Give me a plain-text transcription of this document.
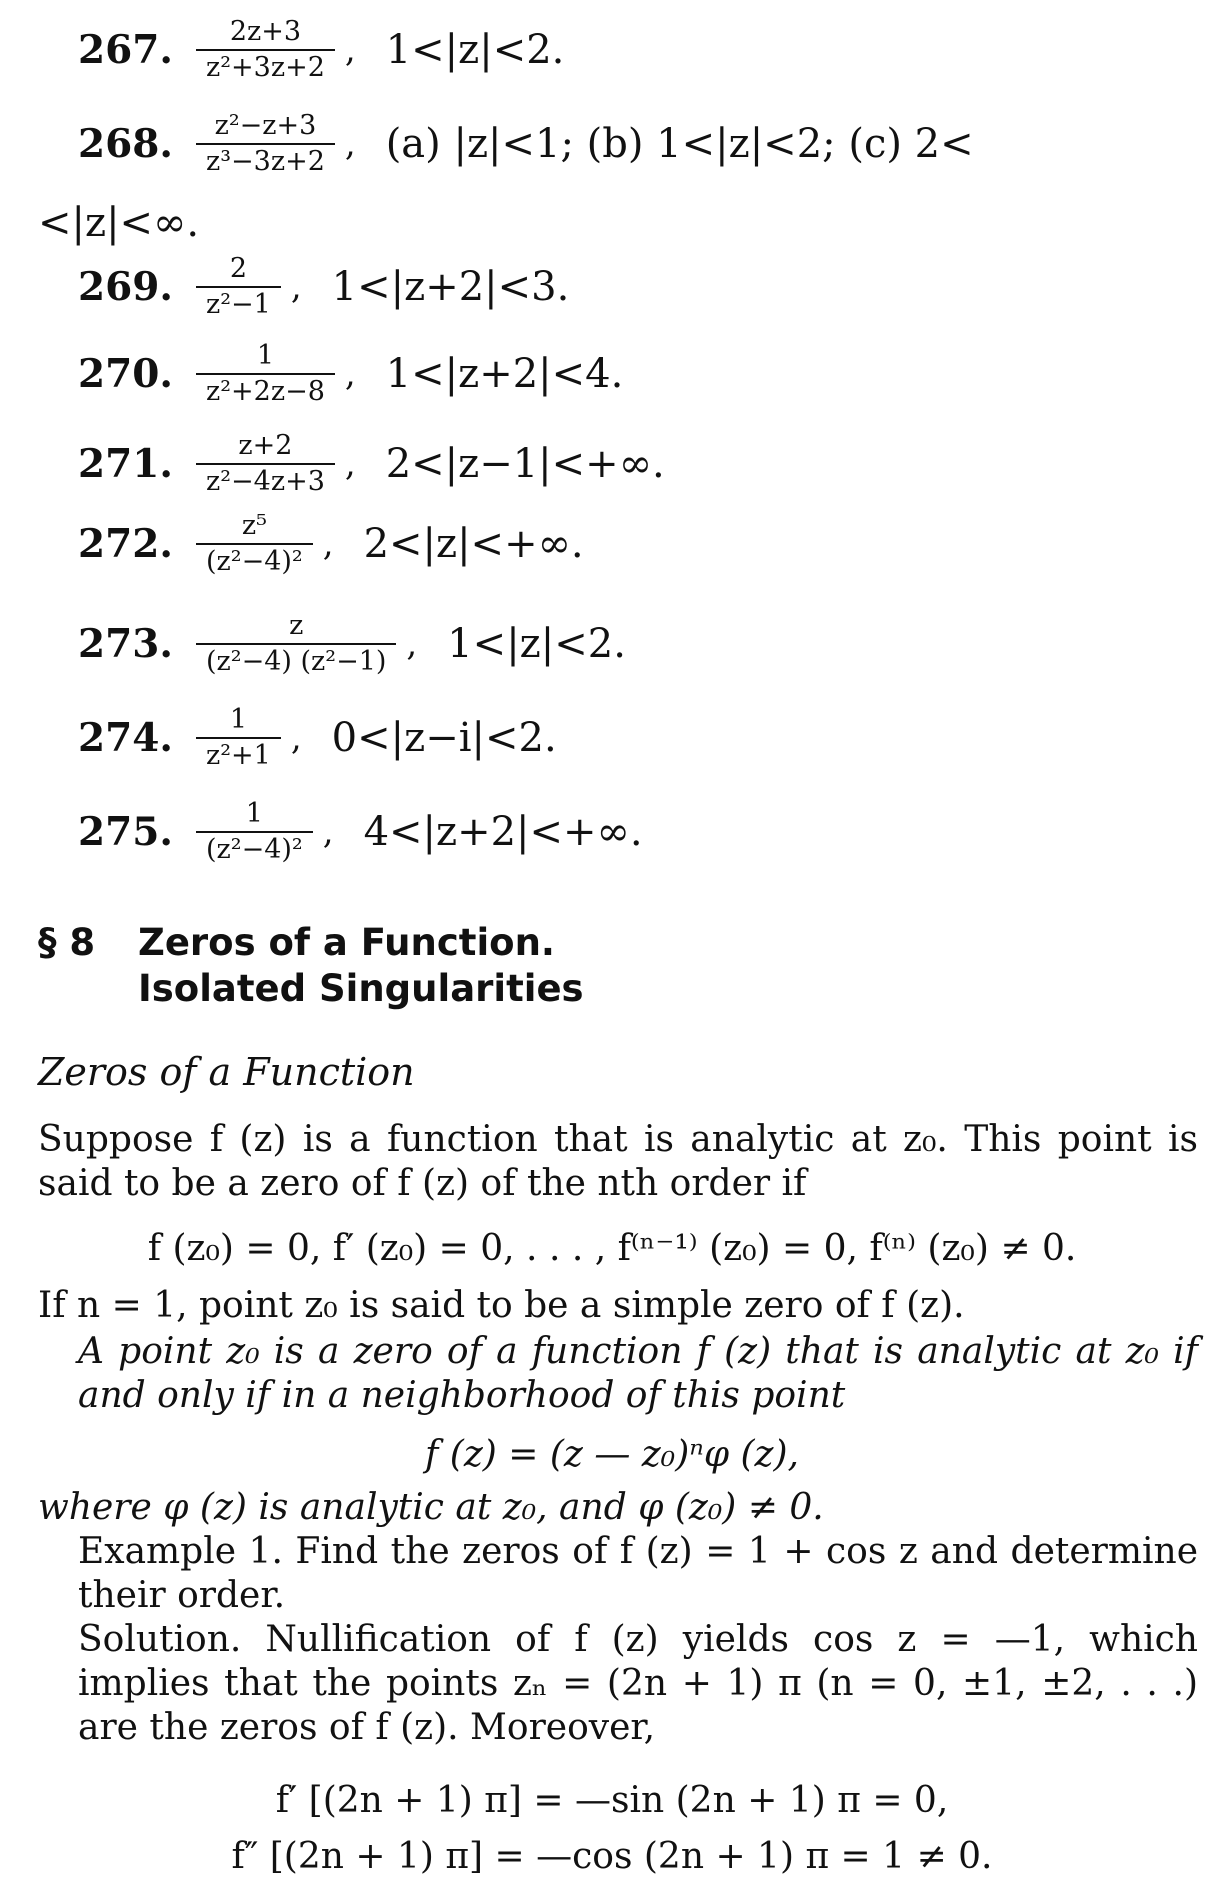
267. $\frac{2z+3}{\text{z²+3z+2}}$ , 1<|z|<2.
268. $\frac{\text{z²−z+3}}{\text{z³−3z+2}}$ , (a) |z|<1; (b) 1<|z|<2; (c) 2<
<|z|<∞.
269. $\frac{2}{\text{z²−1}}$ , 1<|z+2|<3.
270. $\frac{1}{\text{z²+2z−8}}$ , 1<|z+2|<4.
271. $\frac{z+2}{\text{z²−4z+3}}$ , 2<|z−1|<+∞.
272. $\frac{\text{z⁵}}{\text{(z²−4)²}}$ , 2<|z|<+∞.
273. $\frac{z}{\text{(z²−4) (z²−1)}}$ , 1<|z|<2.
274. $\frac{1}{\text{z²+1}}$ , 0<|z−i|<2.
275. $\frac{1}{\text{(z²−4)²}}$ , 4<|z+2|<+∞.
§ 8 Zeros of a Function.
Isolated Singularities
Zeros of a Function
Suppose f (z) is a function that is analytic at z₀. This point is said to be a zero of f (z) of the nth order if
f (z₀) = 0, f′ (z₀) = 0, . . . , f⁽ⁿ⁻¹⁾ (z₀) = 0, f⁽ⁿ⁾ (z₀) ≠ 0.
If n = 1, point z₀ is said to be a simple zero of f (z).
A point z₀ is a zero of a function f (z) that is analytic at z₀ if and only if in a neighborhood of this point
f (z) = (z — z₀)ⁿφ (z),
where φ (z) is analytic at z₀, and φ (z₀) ≠ 0.
Example 1. Find the zeros of f (z) = 1 + cos z and determine their order.
Solution. Nullification of f (z) yields cos z = —1, which implies that the points zₙ = (2n + 1) π (n = 0, ±1, ±2, . . .) are the zeros of f (z). Moreover,
f′ [(2n + 1) π] = —sin (2n + 1) π = 0,
f″ [(2n + 1) π] = —cos (2n + 1) π = 1 ≠ 0.
